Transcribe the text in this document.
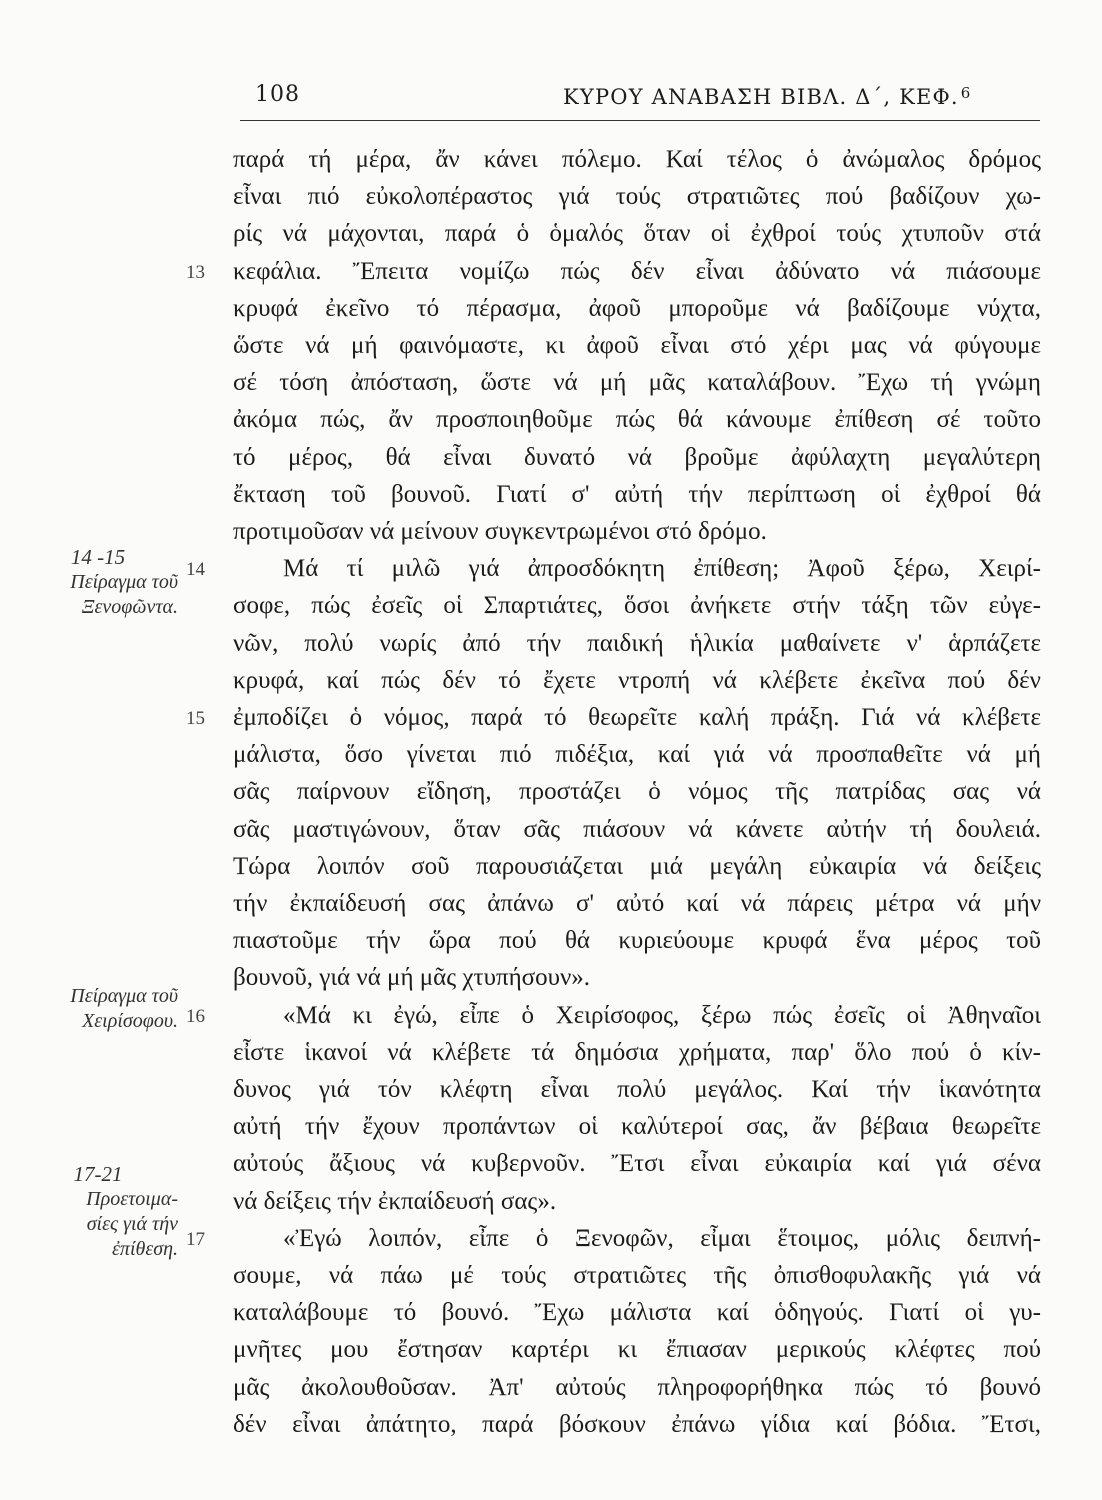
108	ΚΥΡΟΥ ΑΝΑΒΑΣΗ ΒΙΒΛ. Δ΄, ΚΕΦ. $^6$
παρά τή μέρα, ἄν κάνει πόλεμο. Καί τέλος ὁ ἀνώμαλος δρόμος
εἶναι πιό εὐκολοπέραστος γιά τούς στρατιῶτες πού βαδίζουν χω-
ρίς νά μάχονται, παρά ὁ ὁμαλός ὅταν οἱ ἐχθροί τούς χτυποῦν στά
κεφάλια. Ἔπειτα νομίζω πώς δέν εἶναι ἀδύνατο νά πιάσουμε
κρυφά ἐκεῖνο τό πέρασμα, ἀφοῦ μποροῦμε νά βαδίζουμε νύχτα,
ὥστε νά μή φαινόμαστε, κι ἀφοῦ εἶναι στό χέρι μας νά φύγουμε
σέ τόση ἀπόσταση, ὥστε νά μή μᾶς καταλάβουν. Ἔχω τή γνώμη
ἀκόμα πώς, ἄν προσποιηθοῦμε πώς θά κάνουμε ἐπίθεση σέ τοῦτο
τό μέρος, θά εἶναι δυνατό νά βροῦμε ἀφύλαχτη μεγαλύτερη
ἔκταση τοῦ βουνοῦ. Γιατί σ' αὐτή τήν περίπτωση οἱ ἐχθροί θά
προτιμοῦσαν νά μείνουν συγκεντρωμένοι στό δρόμο.
Μά τί μιλῶ γιά ἀπροσδόκητη ἐπίθεση; Ἀφοῦ ξέρω, Χειρί-
σοφε, πώς ἐσεῖς οἱ Σπαρτιάτες, ὅσοι ἀνήκετε στήν τάξη τῶν εὐγε-
νῶν, πολύ νωρίς ἀπό τήν παιδική ἡλικία μαθαίνετε ν' ἁρπάζετε
κρυφά, καί πώς δέν τό ἔχετε ντροπή νά κλέβετε ἐκεῖνα πού δέν
ἐμποδίζει ὁ νόμος, παρά τό θεωρεῖτε καλή πράξη. Γιά νά κλέβετε
μάλιστα, ὅσο γίνεται πιό πιδέξια, καί γιά νά προσπαθεῖτε νά μή
σᾶς παίρνουν εἴδηση, προστάζει ὁ νόμος τῆς πατρίδας σας νά
σᾶς μαστιγώνουν, ὅταν σᾶς πιάσουν νά κάνετε αὐτήν τή δουλειά.
Τώρα λοιπόν σοῦ παρουσιάζεται μιά μεγάλη εὐκαιρία νά δείξεις
τήν ἐκπαίδευσή σας ἀπάνω σ' αὐτό καί νά πάρεις μέτρα νά μήν
πιαστοῦμε τήν ὥρα πού θά κυριεύουμε κρυφά ἕνα μέρος τοῦ
βουνοῦ, γιά νά μή μᾶς χτυπήσουν».
«Μά κι ἐγώ, εἶπε ὁ Χειρίσοφος, ξέρω πώς ἐσεῖς οἱ Ἀθηναῖοι
εἶστε ἱκανοί νά κλέβετε τά δημόσια χρήματα, παρ' ὅλο πού ὁ κίν-
δυνος γιά τόν κλέφτη εἶναι πολύ μεγάλος. Καί τήν ἱκανότητα
αὐτή τήν ἔχουν προπάντων οἱ καλύτεροί σας, ἄν βέβαια θεωρεῖτε
αὐτούς ἄξιους νά κυβερνοῦν. Ἔτσι εἶναι εὐκαιρία καί γιά σένα
νά δείξεις τήν ἐκπαίδευσή σας».
«Ἐγώ λοιπόν, εἶπε ὁ Ξενοφῶν, εἶμαι ἕτοιμος, μόλις δειπνή-
σουμε, νά πάω μέ τούς στρατιῶτες τῆς ὀπισθοφυλακῆς γιά νά
καταλάβουμε τό βουνό. Ἔχω μάλιστα καί ὁδηγούς. Γιατί οἱ γυ-
μνῆτες μου ἔστησαν καρτέρι κι ἔπιασαν μερικούς κλέφτες πού
μᾶς ἀκολουθοῦσαν. Ἀπ' αὐτούς πληροφορήθηκα πώς τό βουνό
δέν εἶναι ἀπάτητο, παρά βόσκουν ἐπάνω γίδια καί βόδια. Ἔτσι,
13
14
15
16
17
14 -15
Πείραγμα τοῦ
Ξενοφῶντα.
Πείραγμα τοῦ
Χειρίσοφου.
17-21
Προετοιμα-
σίες γιά τήν
ἐπίθεση.
